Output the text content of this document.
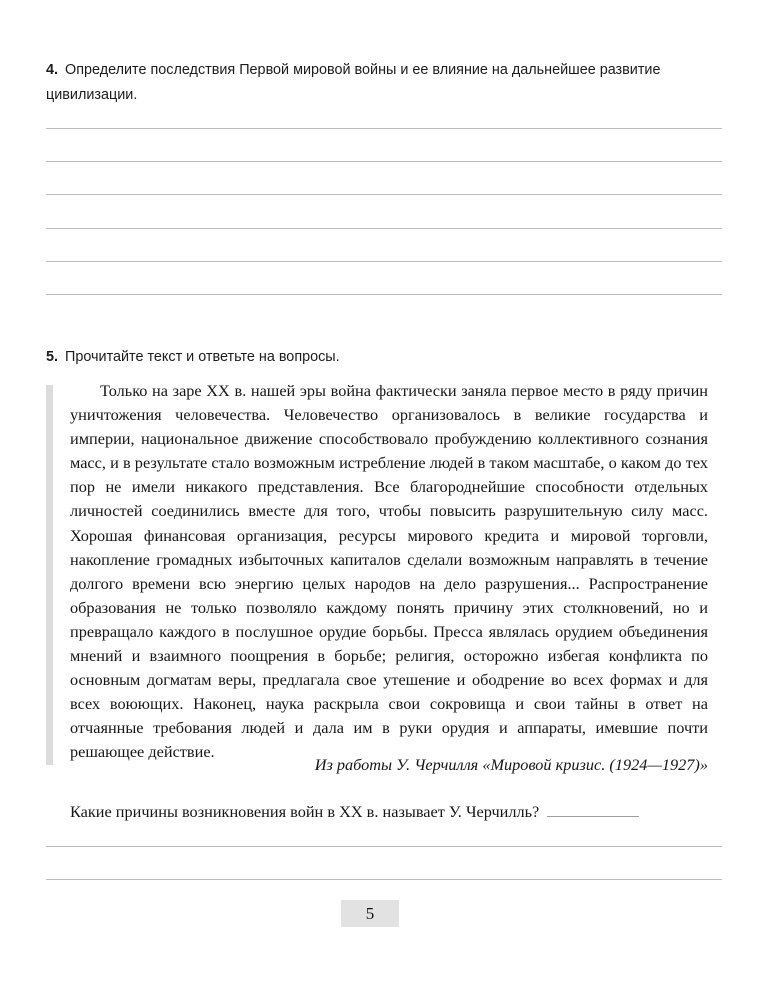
4. Определите последствия Первой мировой войны и ее влияние на дальнейшее развитие цивилизации.
5. Прочитайте текст и ответьте на вопросы.
Только на заре XX в. нашей эры война фактически заняла первое место в ряду причин уничтожения человечества. Человечество организовалось в великие государства и империи, национальное движение способствовало пробуждению коллективного сознания масс, и в результате стало возможным истребление людей в таком масштабе, о каком до тех пор не имели никакого представления. Все благороднейшие способности отдельных личностей соединились вместе для того, чтобы повысить разрушительную силу масс. Хорошая финансовая организация, ресурсы мирового кредита и мировой торговли, накопление громадных избыточных капиталов сделали возможным направлять в течение долгого времени всю энергию целых народов на дело разрушения... Распространение образования не только позволяло каждому понять причину этих столкновений, но и превращало каждого в послушное орудие борьбы. Пресса являлась орудием объединения мнений и взаимного поощрения в борьбе; религия, осторожно избегая конфликта по основным догматам веры, предлагала свое утешение и ободрение во всех формах и для всех воюющих. Наконец, наука раскрыла свои сокровища и свои тайны в ответ на отчаянные требования людей и дала им в руки орудия и аппараты, имевшие почти решающее действие.
Из работы У. Черчилля «Мировой кризис. (1924—1927)»
Какие причины возникновения войн в XX в. называет У. Черчилль?
5
